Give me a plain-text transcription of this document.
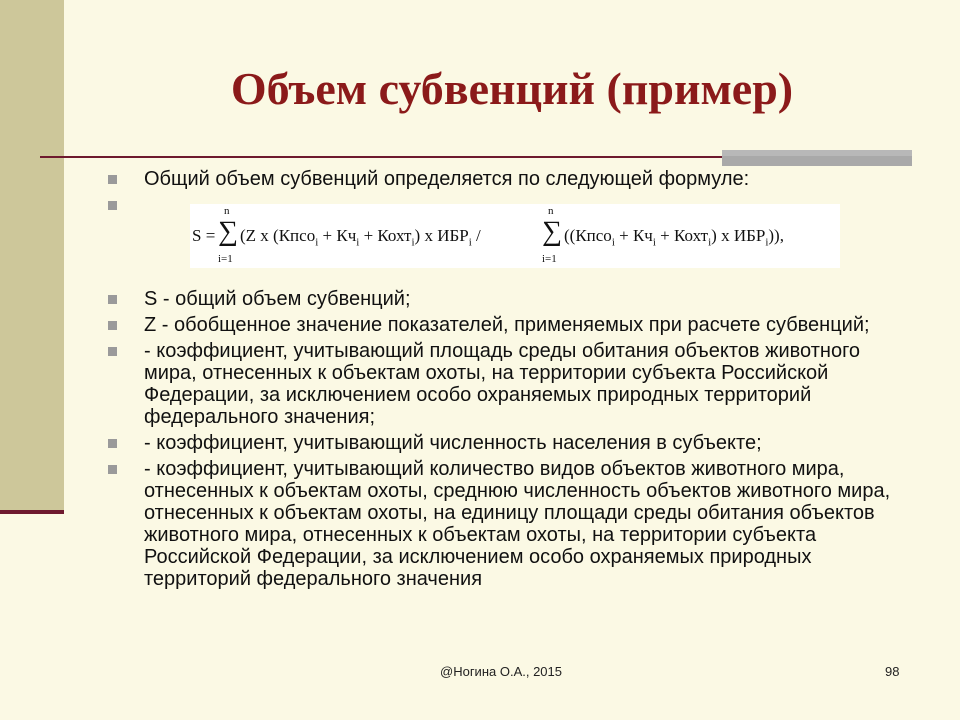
Объем субвенций (пример)
Общий объем субвенций определяется по следующей формуле:
S - общий объем субвенций;
Z - обобщенное значение показателей, применяемых при расчете субвенций;
- коэффициент, учитывающий площадь среды обитания объектов животного мира, отнесенных к объектам охоты, на территории субъекта Российской Федерации, за исключением особо охраняемых природных территорий федерального значения;
- коэффициент, учитывающий численность населения в субъекте;
- коэффициент, учитывающий количество видов объектов животного мира, отнесенных к объектам охоты, среднюю численность объектов животного мира, отнесенных к объектам охоты, на единицу площади среды обитания объектов животного мира, отнесенных к объектам охоты, на территории субъекта Российской Федерации, за исключением особо охраняемых природных территорий федерального значения
S =
n
∑
i=1
(Z x (Кпсо$_i$ + $Кч_i$ + Кохт$_i$) x $ИБР_i$ /
n
∑
i=1
((Кпсо$_i$ + $Кч_i$ + Кохт$_i$) x $ИБР_i$)),
@Ногина О.А., 2015	98
